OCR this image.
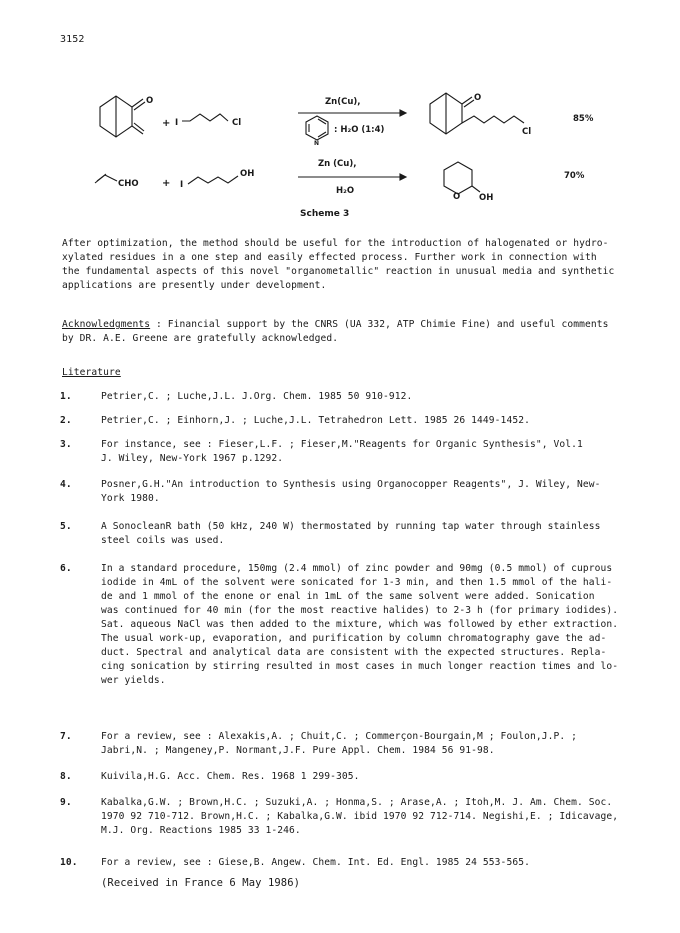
3152
O
+ I	Cl
Zn(Cu),
N
: H₂O (1:4)
O
Cl
85%
CHO + I
OH
Zn (Cu),
H₂O
O OH
70%
Scheme 3
After optimization, the method should be useful for the introduction of halogenated or hydro-
xylated residues in a one step and easily effected process. Further work in connection with
the fundamental aspects of this novel "organometallic" reaction in unusual media and synthetic
applications are presently under development.
Acknowledgments : Financial support by the CNRS (UA 332, ATP Chimie Fine) and useful comments
by DR. A.E. Greene are gratefully acknowledged.
Literature
1.	Petrier,C. ; Luche,J.L. J.Org. Chem. 1985 50 910-912.
2.	Petrier,C. ; Einhorn,J. ; Luche,J.L. Tetrahedron Lett. 1985 26 1449-1452.
3.	For instance, see : Fieser,L.F. ; Fieser,M."Reagents for Organic Synthesis", Vol.1
J. Wiley, New-York 1967 p.1292.
4.	Posner,G.H."An introduction to Synthesis using Organocopper Reagents", J. Wiley, New-
York 1980.
5.	A SonocleanR bath (50 kHz, 240 W) thermostated by running tap water through stainless
steel coils was used.
6.	In a standard procedure, 150mg (2.4 mmol) of zinc powder and 90mg (0.5 mmol) of cuprous
iodide in 4mL of the solvent were sonicated for 1-3 min, and then 1.5 mmol of the hali-
de and 1 mmol of the enone or enal in 1mL of the same solvent were added. Sonication
was continued for 40 min (for the most reactive halides) to 2-3 h (for primary iodides).
Sat. aqueous NaCl was then added to the mixture, which was followed by ether extraction.
The usual work-up, evaporation, and purification by column chromatography gave the ad-
duct. Spectral and analytical data are consistent with the expected structures. Repla-
cing sonication by stirring resulted in most cases in much longer reaction times and lo-
wer yields.
7.	For a review, see : Alexakis,A. ; Chuit,C. ; Commerçon-Bourgain,M ; Foulon,J.P. ;
Jabri,N. ; Mangeney,P. Normant,J.F. Pure Appl. Chem. 1984 56 91-98.
8.	Kuivila,H.G. Acc. Chem. Res. 1968 1 299-305.
9.	Kabalka,G.W. ; Brown,H.C. ; Suzuki,A. ; Honma,S. ; Arase,A. ; Itoh,M. J. Am. Chem. Soc.
1970 92 710-712. Brown,H.C. ; Kabalka,G.W. ibid 1970 92 712-714. Negishi,E. ; Idicavage,
M.J. Org. Reactions 1985 33 1-246.
10. For a review, see : Giese,B. Angew. Chem. Int. Ed. Engl. 1985 24 553-565.
(Received in France 6 May 1986)
